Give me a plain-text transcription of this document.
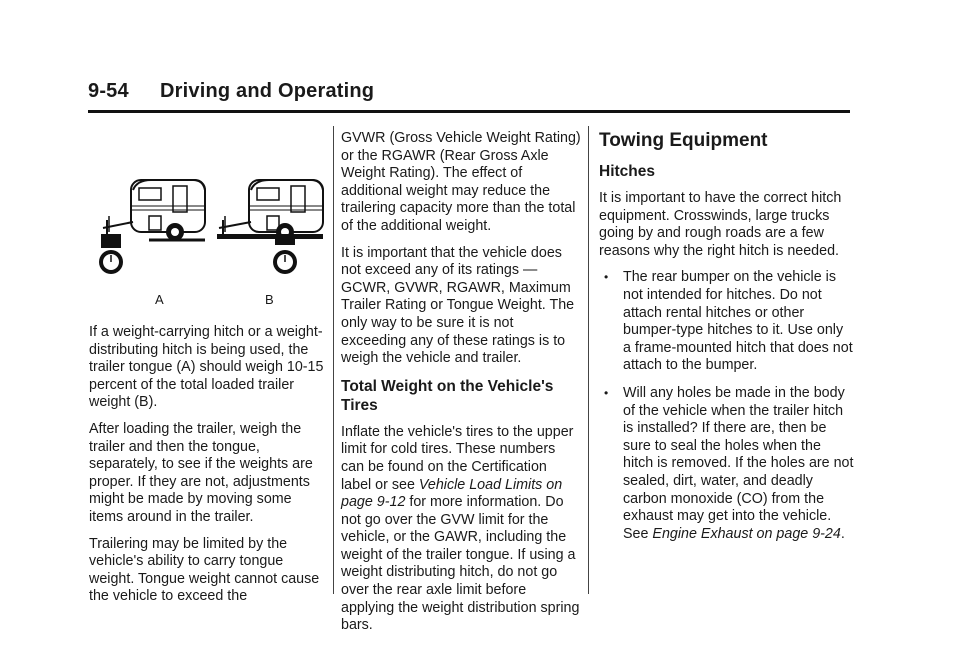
9-54 Driving and Operating
A	B

If a weight-carrying hitch or a weight-distributing hitch is being used, the trailer tongue (A) should weigh 10-15 percent of the total loaded trailer weight (B).

After loading the trailer, weigh the trailer and then the tongue, separately, to see if the weights are proper. If they are not, adjustments might be made by moving some items around in the trailer.

Trailering may be limited by the vehicle's ability to carry tongue weight. Tongue weight cannot cause the vehicle to exceed the

GVWR (Gross Vehicle Weight Rating) or the RGAWR (Rear Gross Axle Weight Rating). The effect of additional weight may reduce the trailering capacity more than the total of the additional weight.

It is important that the vehicle does not exceed any of its ratings — GCWR, GVWR, RGAWR, Maximum Trailer Rating or Tongue Weight. The only way to be sure it is not exceeding any of these ratings is to weigh the vehicle and trailer.

Total Weight on the Vehicle's Tires

Inflate the vehicle's tires to the upper limit for cold tires. These numbers can be found on the Certification label or see Vehicle Load Limits on page 9-12 for more information. Do not go over the GVW limit for the vehicle, or the GAWR, including the weight of the trailer tongue. If using a weight distributing hitch, do not go over the rear axle limit before applying the weight distribution spring bars.

Towing Equipment
Hitches

It is important to have the correct hitch equipment. Crosswinds, large trucks going by and rough roads are a few reasons why the right hitch is needed.

• The rear bumper on the vehicle is not intended for hitches. Do not attach rental hitches or other bumper-type hitches to it. Use only a frame-mounted hitch that does not attach to the bumper.
• Will any holes be made in the body of the vehicle when the trailer hitch is installed? If there are, then be sure to seal the holes when the hitch is removed. If the holes are not sealed, dirt, water, and deadly carbon monoxide (CO) from the exhaust may get into the vehicle. See Engine Exhaust on page 9-24.
